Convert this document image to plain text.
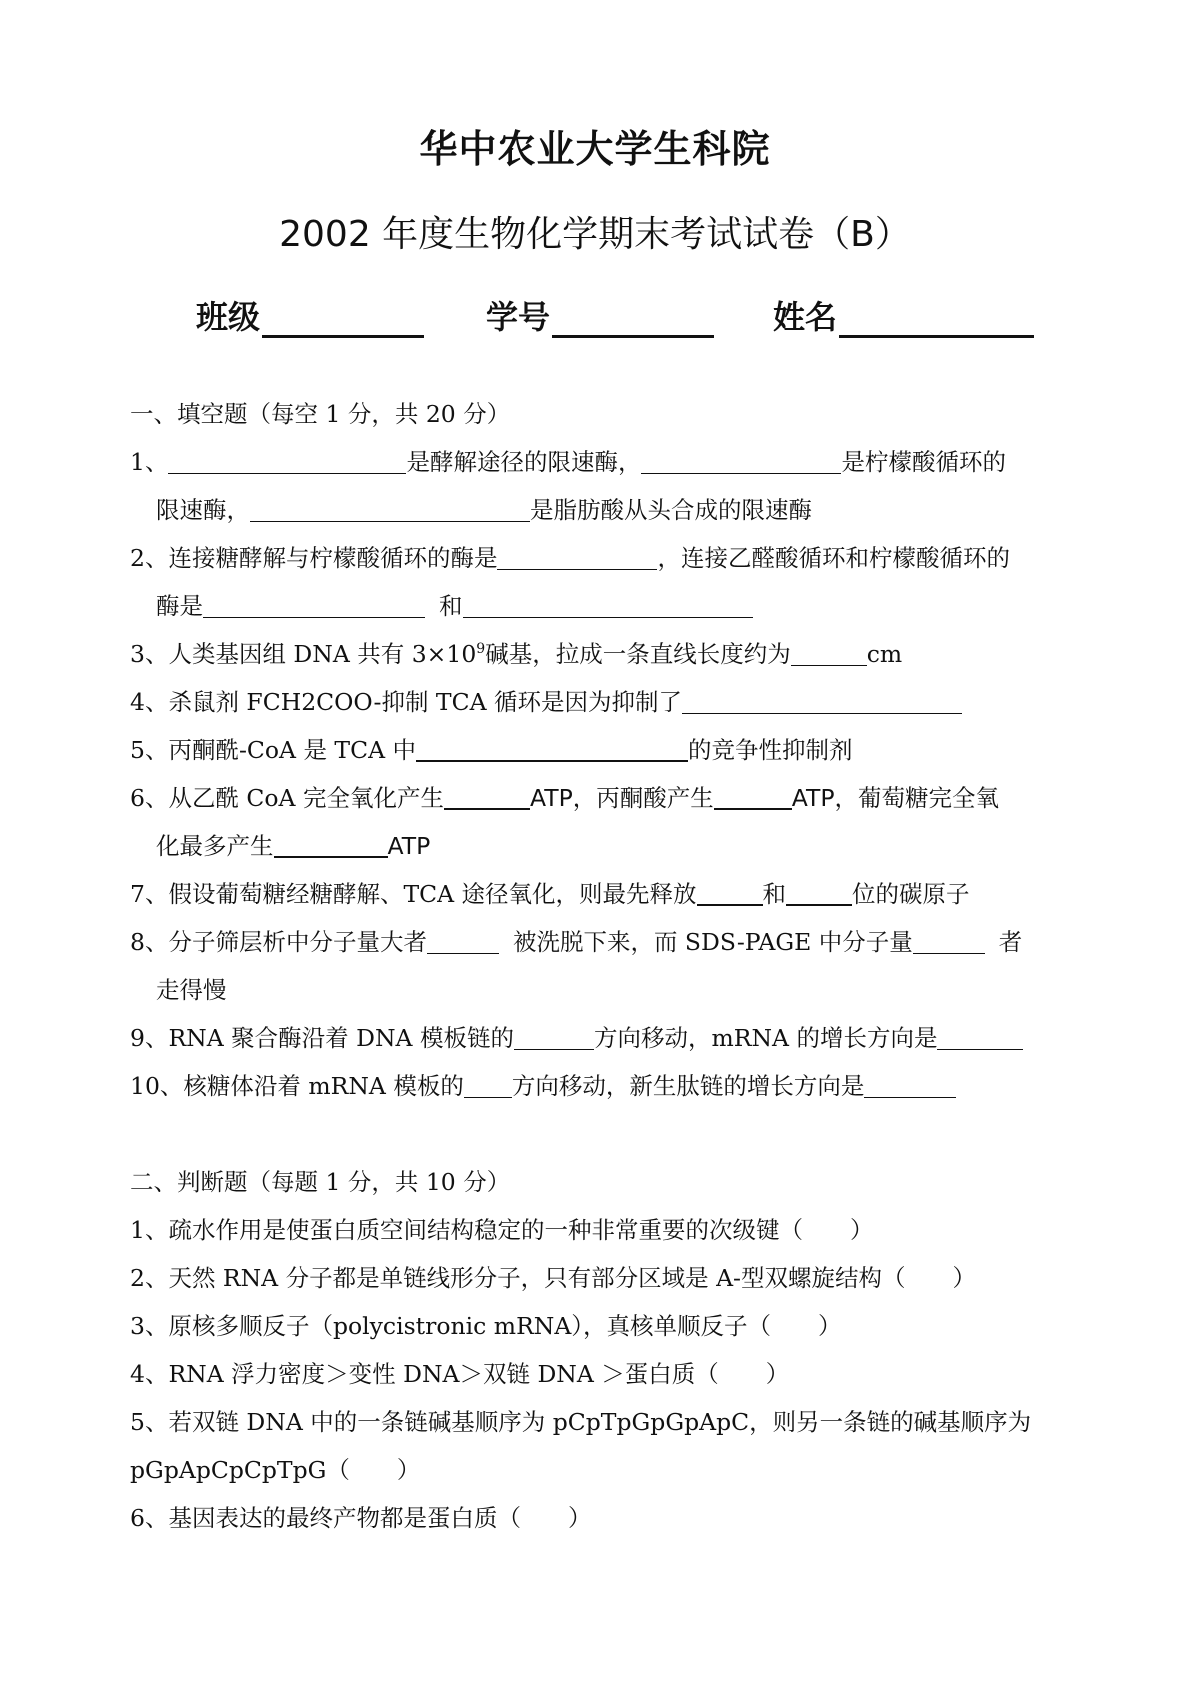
华中农业大学生科院
2002 年度生物化学期末考试试卷（B）
班级	学号	姓名
一、填空题（每空 1 分，共 20 分）
1、	是酵解途径的限速酶，	是柠檬酸循环的
限速酶，	是脂肪酸从头合成的限速酶
2、连接糖酵解与柠檬酸循环的酶是	，连接乙醛酸循环和柠檬酸循环的
酶是	和
3、人类基因组 DNA 共有 $3\times 10^9$碱基，拉成一条直线长度约为	cm
4、杀鼠剂 FCH2COO-抑制 TCA 循环是因为抑制了
5、丙酮酰-CoA 是 TCA 中	的竞争性抑制剂
6、从乙酰 CoA 完全氧化产生	ATP，丙酮酸产生	ATP，葡萄糖完全氧
化最多产生	ATP
7、假设葡萄糖经糖酵解、TCA 途径氧化，则最先释放	和	位的碳原子
8、分子筛层析中分子量大者	被洗脱下来，而 SDS-PAGE 中分子量	者
走得慢
9、RNA 聚合酶沿着 DNA 模板链的	方向移动，mRNA 的增长方向是
10、核糖体沿着 mRNA 模板的 方向移动，新生肽链的增长方向是
二、判断题（每题 1 分，共 10 分）
1、疏水作用是使蛋白质空间结构稳定的一种非常重要的次级键（　　）
2、天然 RNA 分子都是单链线形分子，只有部分区域是 A-型双螺旋结构（　　）
3、原核多顺反子（polycistronic mRNA），真核单顺反子（　　）
4、RNA 浮力密度＞变性 DNA＞双链 DNA ＞蛋白质（　　）
5、若双链 DNA 中的一条链碱基顺序为 pCpTpGpGpApC，则另一条链的碱基顺序为
pGpApCpCpTpG（　　）
6、基因表达的最终产物都是蛋白质（　　）
